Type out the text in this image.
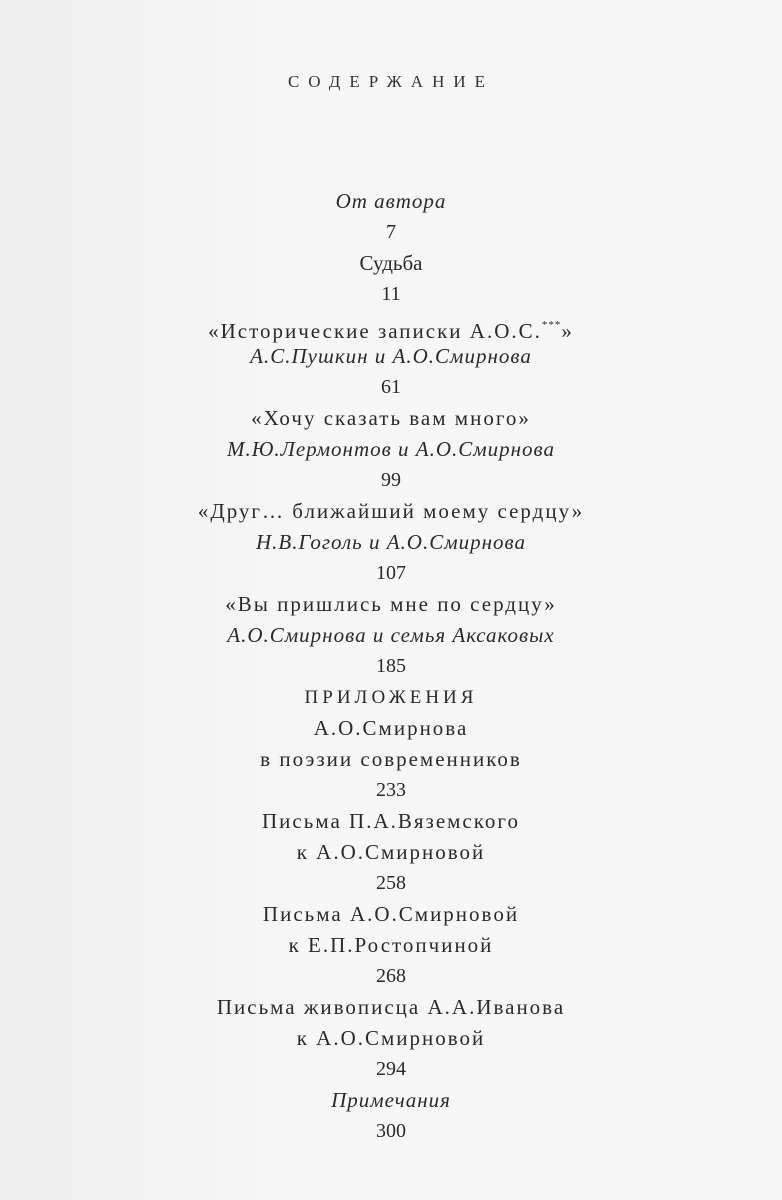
СОДЕРЖАНИЕ
От автора
7
Судьба
11
«Исторические записки А.О.С.***»
А.С.Пушкин и А.О.Смирнова
61
«Хочу сказать вам много»
М.Ю.Лермонтов и А.О.Смирнова
99
«Друг… ближайший моему сердцу»
Н.В.Гоголь и А.О.Смирнова
107
«Вы пришлись мне по сердцу»
А.О.Смирнова и семья Аксаковых
185
ПРИЛОЖЕНИЯ
А.О.Смирнова
в поэзии современников
233
Письма П.А.Вяземского
к А.О.Смирновой
258
Письма А.О.Смирновой
к Е.П.Ростопчиной
268
Письма живописца А.А.Иванова
к А.О.Смирновой
294
Примечания
300
